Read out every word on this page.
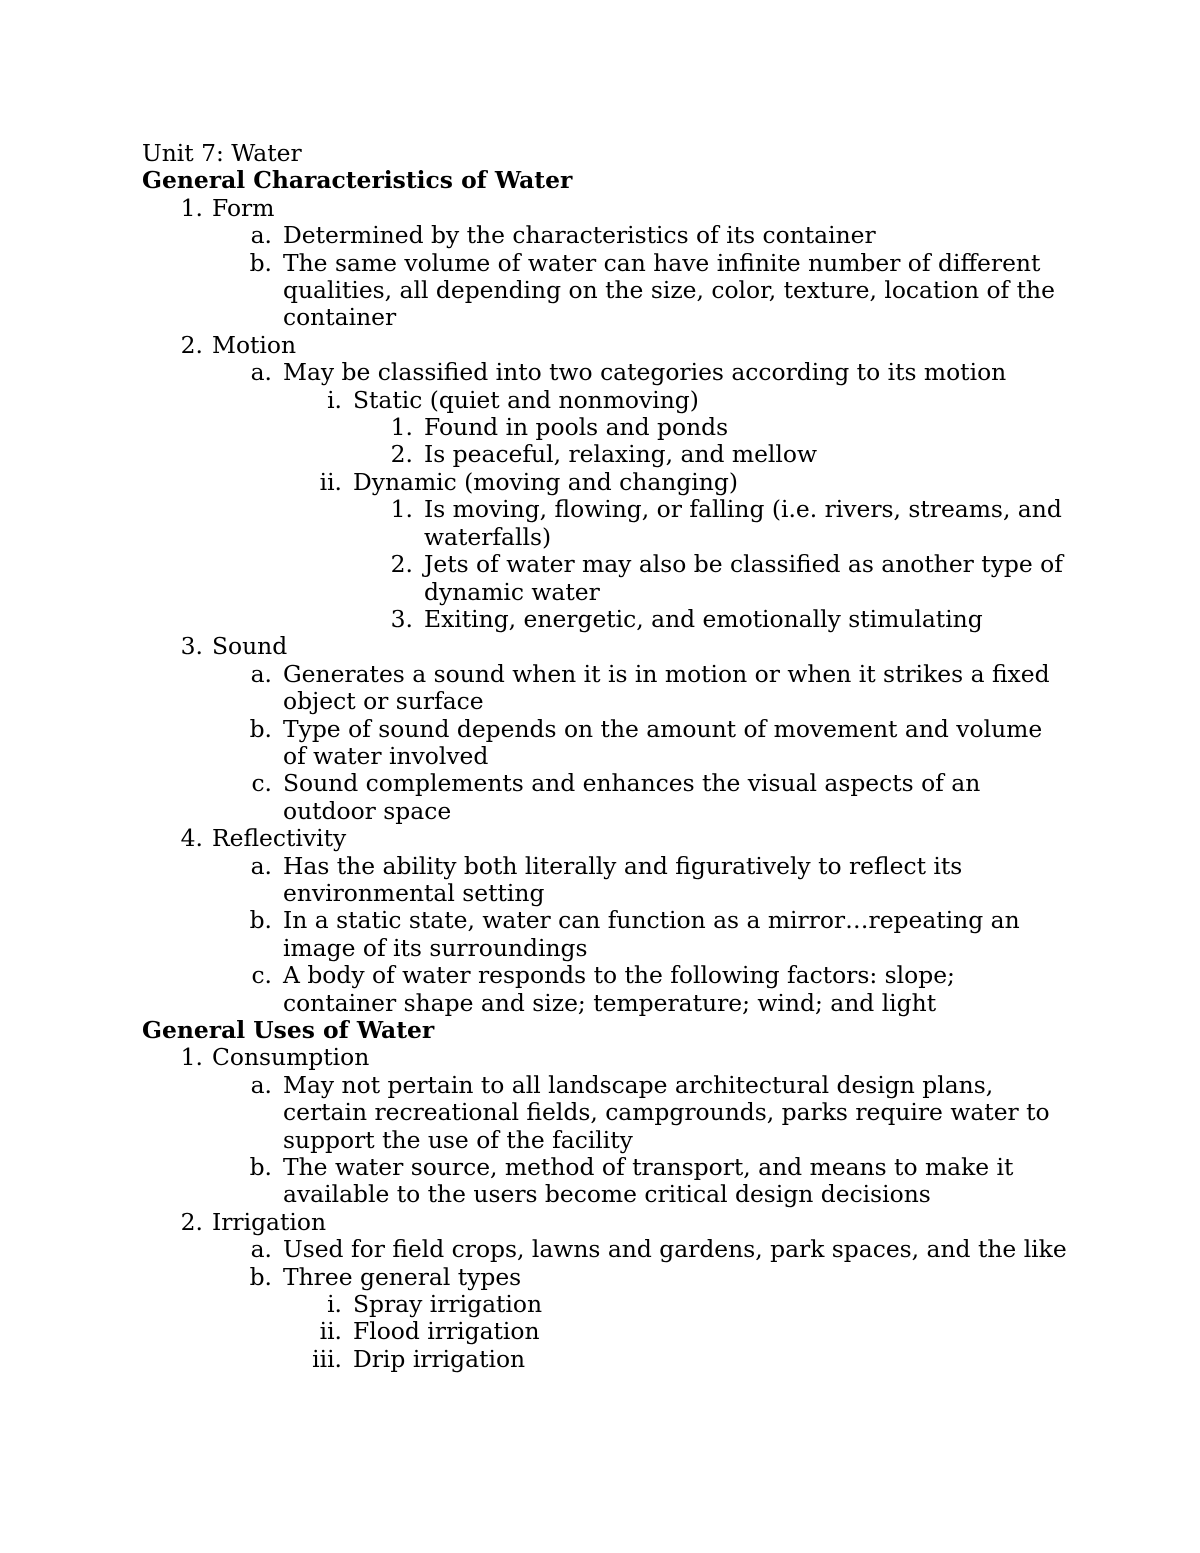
Unit 7: Water
General Characteristics of Water
1. Form
a. Determined by the characteristics of its container
b. The same volume of water can have infinite number of different qualities, all depending on the size, color, texture, location of the container
2. Motion
a. May be classified into two categories according to its motion
i. Static (quiet and nonmoving)
1. Found in pools and ponds
2. Is peaceful, relaxing, and mellow
ii. Dynamic (moving and changing)
1. Is moving, flowing, or falling (i.e. rivers, streams, and waterfalls)
2. Jets of water may also be classified as another type of dynamic water
3. Exiting, energetic, and emotionally stimulating
3. Sound
a. Generates a sound when it is in motion or when it strikes a fixed object or surface
b. Type of sound depends on the amount of movement and volume of water involved
c. Sound complements and enhances the visual aspects of an outdoor space
4. Reflectivity
a. Has the ability both literally and figuratively to reflect its environmental setting
b. In a static state, water can function as a mirror…repeating an image of its surroundings
c. A body of water responds to the following factors: slope; container shape and size; temperature; wind; and light
General Uses of Water
1. Consumption
a. May not pertain to all landscape architectural design plans, certain recreational fields, campgrounds, parks require water to support the use of the facility
b. The water source, method of transport, and means to make it available to the users become critical design decisions
2. Irrigation
a. Used for field crops, lawns and gardens, park spaces, and the like
b. Three general types
i. Spray irrigation
ii. Flood irrigation
iii. Drip irrigation
